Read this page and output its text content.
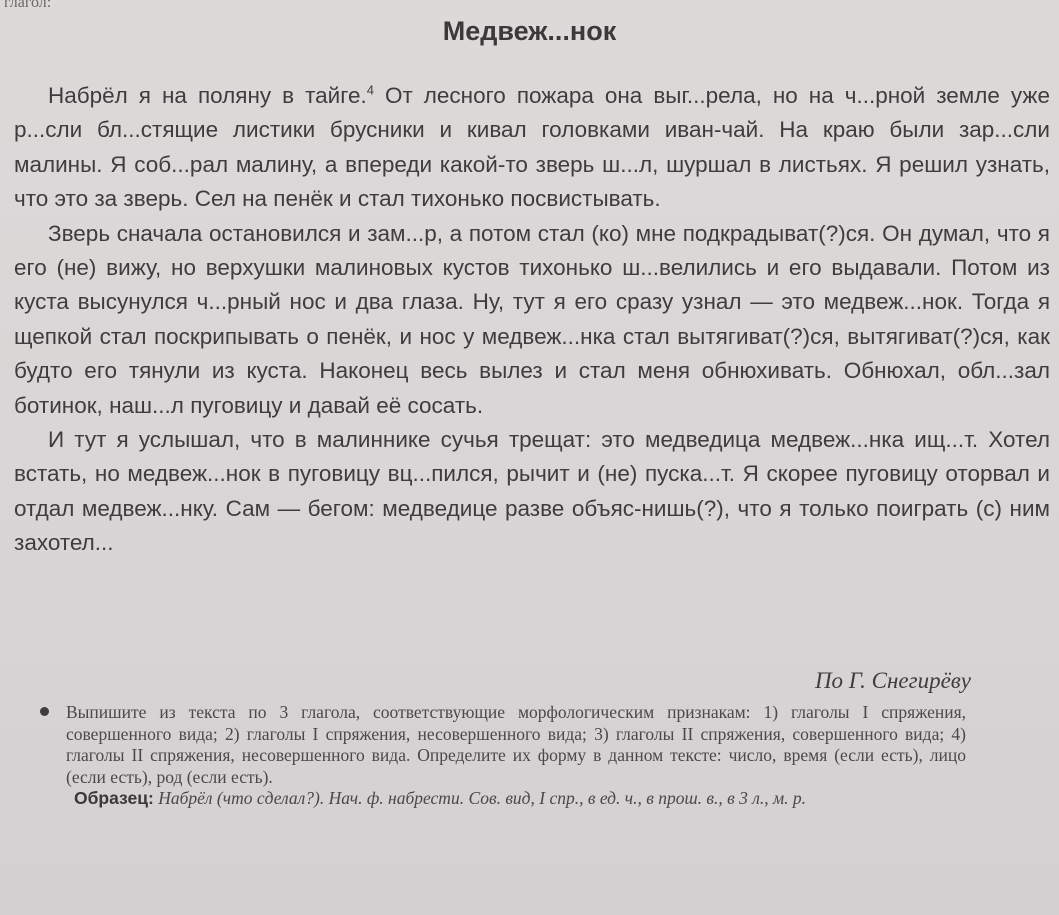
глагол:
Медвеж...нок

Набрёл я на поляну в тайге.$^4$ От лесного пожара она выг...рела, но на ч...рной земле уже р...сли бл...стящие листики брусники и кивал головками иван-чай. На краю были зар...сли малины. Я соб...рал малину, а впереди какой-то зверь ш...л, шуршал в листьях. Я решил узнать, что это за зверь. Сел на пенёк и стал тихонько посвистывать.

Зверь сначала остановился и зам...р, а потом стал (ко) мне подкрадыват(?)ся. Он думал, что я его (не) вижу, но верхушки малиновых кустов тихонько ш...велились и его выдавали. Потом из куста высунулся ч...рный нос и два глаза. Ну, тут я его сразу узнал — это медвеж...нок. Тогда я щепкой стал поскрипывать о пенёк, и нос у медвеж...нка стал вытягиват(?)ся, вытягиват(?)ся, как будто его тянули из куста. Наконец весь вылез и стал меня обнюхивать. Обнюхал, обл...зал ботинок, наш...л пуговицу и давай её сосать.

И тут я услышал, что в малиннике сучья трещат: это медведица медвеж...нка ищ...т. Хотел встать, но медвеж...нок в пуговицу вц...пился, рычит и (не) пуска...т. Я скорее пуговицу оторвал и отдал медвеж...нку. Сам — бегом: медведице разве объяс-нишь(?), что я только поиграть (с) ним захотел...

По Г. Снегирёву

Выпишите из текста по 3 глагола, соответствующие морфологическим признакам: 1) глаголы I спряжения, совершенного вида; 2) глаголы I спряжения, несовершенного вида; 3) глаголы II спряжения, совершенного вида; 4) глаголы II спряжения, несовершенного вида. Определите их форму в данном тексте: число, время (если есть), лицо (если есть), род (если есть).

Образец: Набрёл (что сделал?). Нач. ф. набрести. Сов. вид, I спр., в ед. ч., в прош. в., в 3 л., м. р.
